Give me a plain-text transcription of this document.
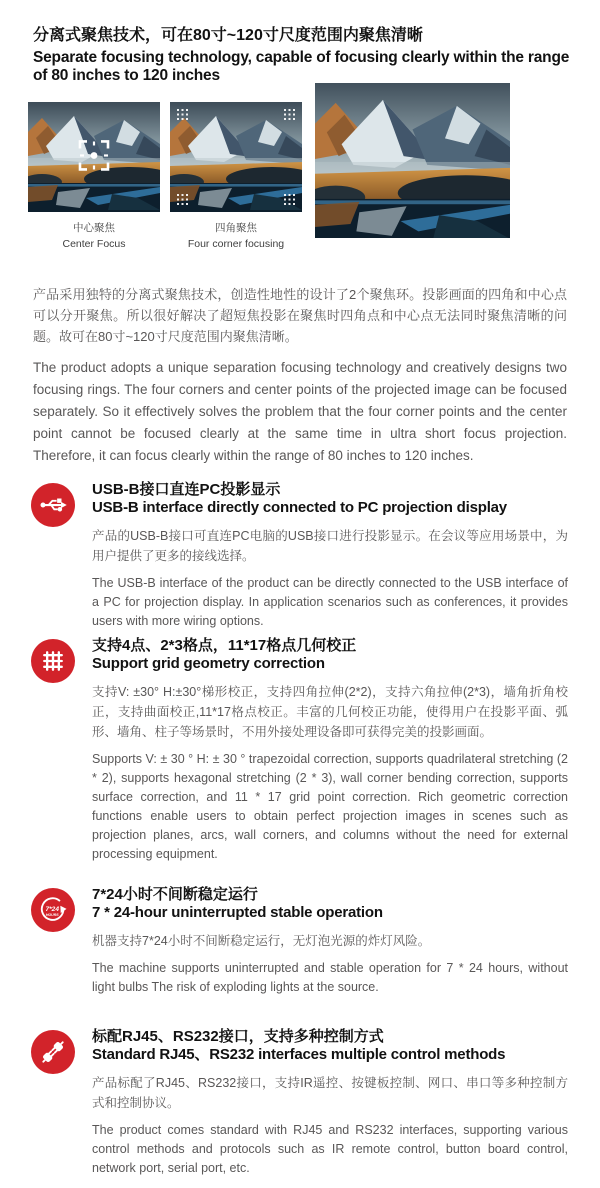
分离式聚焦技术，可在80寸~120寸尺度范围内聚焦清晰
Separate focusing technology, capable of focusing clearly within the range of 80 inches to 120 inches
中心聚焦
Center Focus
四角聚焦
Four corner focusing

产品采用独特的分离式聚焦技术，创造性地性的设计了2个聚焦环。投影画面的四角和中心点可以分开聚焦。所以很好解决了超短焦投影在聚焦时四角点和中心点无法同时聚焦清晰的问题。故可在80寸~120寸尺度范围内聚焦清晰。

The product adopts a unique separation focusing technology and creatively designs two focusing rings. The four corners and center points of the projected image can be focused separately. So it effectively solves the problem that the four corner points and the center point cannot be focused clearly at the same time in ultra short focus projection. Therefore, it can focus clearly within the range of 80 inches to 120 inches.

USB-B接口直连PC投影显示
USB-B interface directly connected to PC projection display
产品的USB-B接口可直连PC电脑的USB接口进行投影显示。在会议等应用场景中，为用户提供了更多的接线选择。
The USB-B interface of the product can be directly connected to the USB interface of a PC for projection display. In application scenarios such as conferences, it provides users with more wiring options.
支持4点、2*3格点，11*17格点几何校正
Support grid geometry correction
支持V: ±30° H:±30°梯形校正，支持四角拉伸(2*2)，支持六角拉伸(2*3)，墙角折角校正，支持曲面校正,11*17格点校正。丰富的几何校正功能，使得用户在投影平面、弧形、墙角、柱子等场景时，不用外接处理设备即可获得完美的投影画面。
Supports V: ± 30 ° H: ± 30 ° trapezoidal correction, supports quadrilateral stretching (2 * 2), supports hexagonal stretching (2 * 3), wall corner bending correction, supports surface correction, and 11 * 17 grid point correction. Rich geometric correction functions enable users to obtain perfect projection images in scenes such as projection planes, arcs, wall corners, and columns without the need for external processing equipment.
7*24
HOURS
7*24小时不间断稳定运行
7 * 24-hour uninterrupted stable operation
机器支持7*24小时不间断稳定运行，无灯泡光源的炸灯风险。
The machine supports uninterrupted and stable operation for 7 * 24 hours, without light bulbs The risk of exploding lights at the source.
标配RJ45、RS232接口，支持多种控制方式
Standard RJ45、RS232 interfaces multiple control methods
产品标配了RJ45、RS232接口，支持IR遥控、按键板控制、网口、串口等多种控制方式和控制协议。
The product comes standard with RJ45 and RS232 interfaces, supporting various control methods and protocols such as IR remote control, button board control, network port, serial port, etc.
